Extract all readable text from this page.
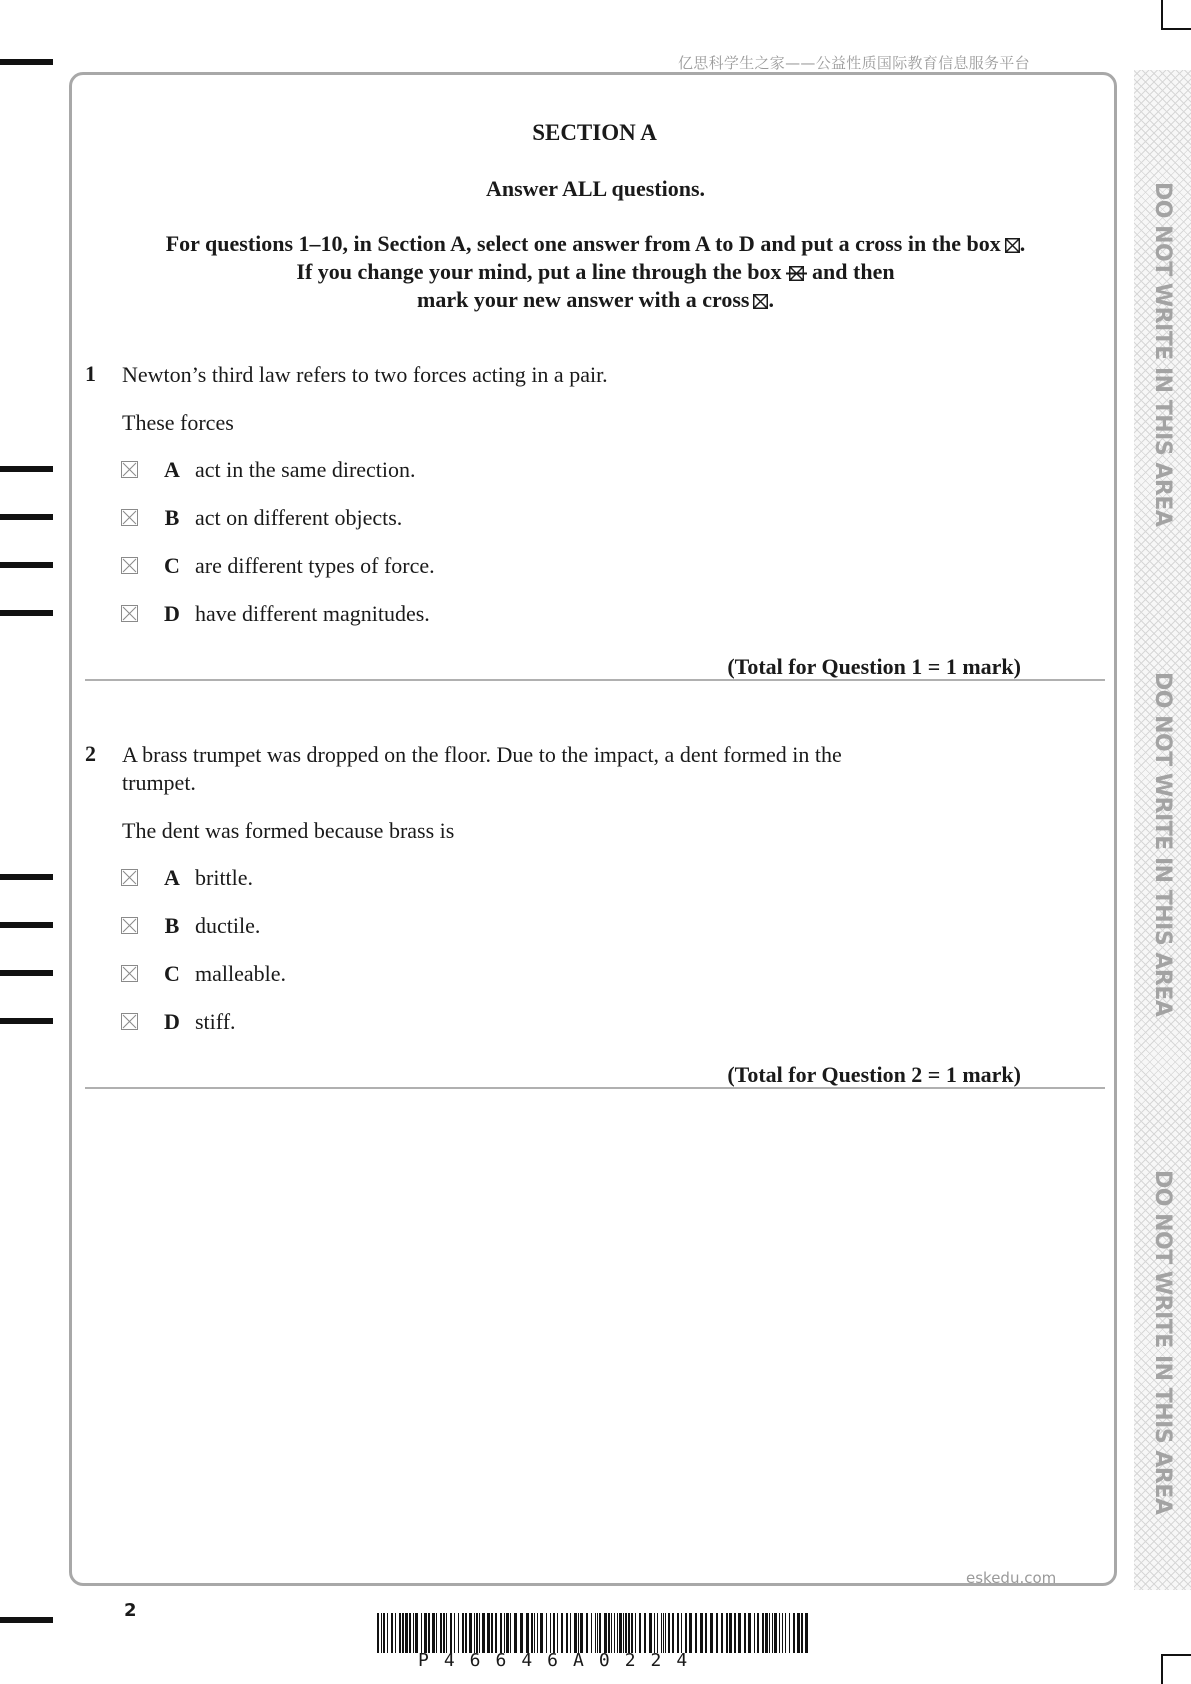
亿思科学生之家——公益性质国际教育信息服务平台
DO NOT WRITE IN THIS AREA
DO NOT WRITE IN THIS AREA
DO NOT WRITE IN THIS AREA
SECTION A
Answer ALL questions.
For questions 1–10, in Section A, select one answer from A to D and put a cross in the box ☒.
If you change your mind, put a line through the box and then
mark your new answer with a cross ☒.
1 Newton’s third law refers to two forces acting in a pair.
These forces
A act in the same direction.
B act on different objects.
C are different types of force.
D have different magnitudes.
(Total for Question 1 = 1 mark)
2 A brass trumpet was dropped on the floor. Due to the impact, a dent formed in the
trumpet.
The dent was formed because brass is
A brittle.
B ductile.
C malleable.
D stiff.
(Total for Question 2 = 1 mark)
eskedu.com
2
P46646A0224
